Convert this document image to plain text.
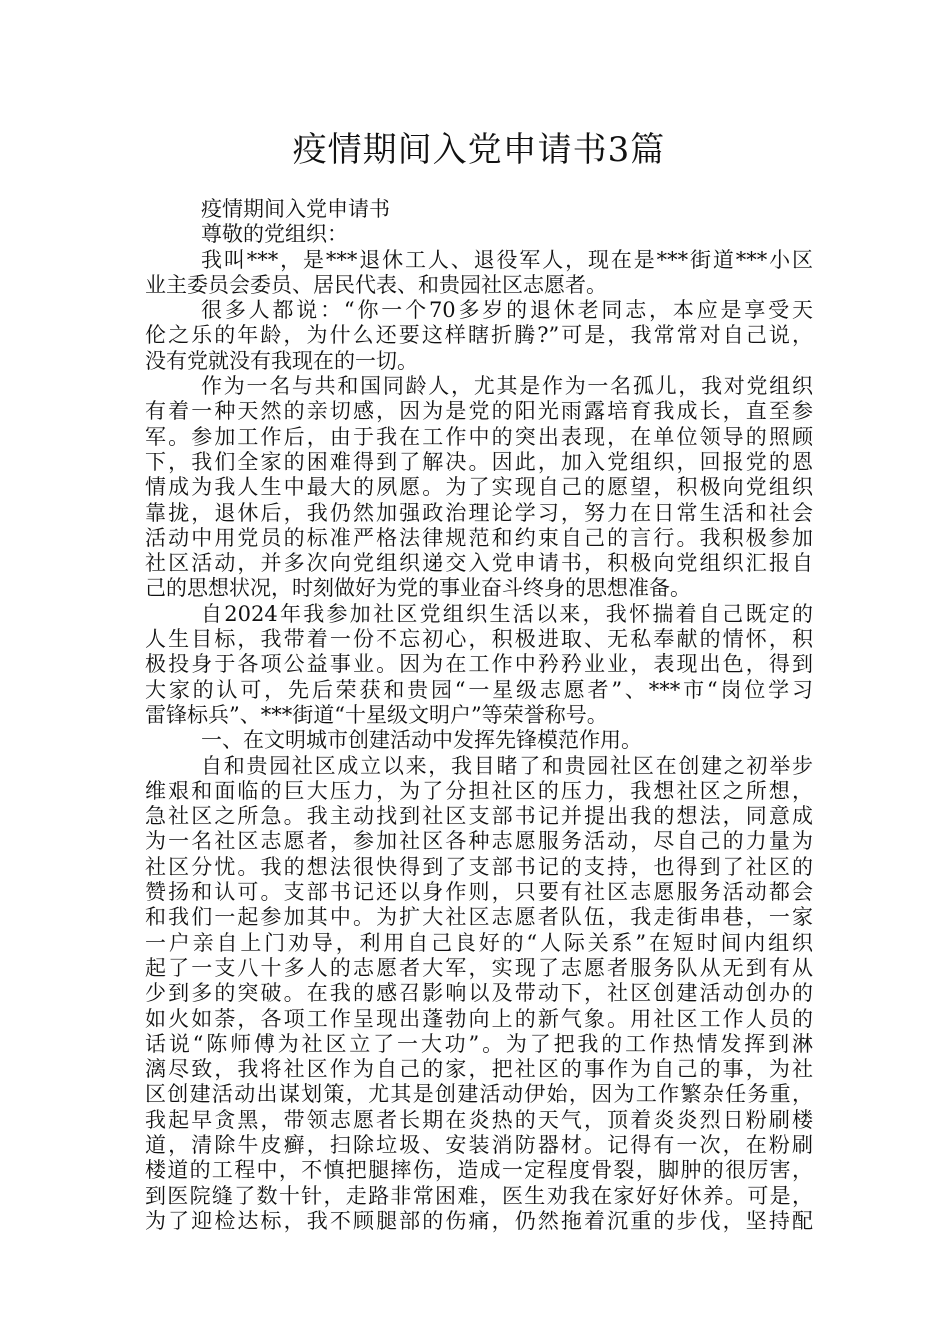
疫情期间入党申请书3篇
疫情期间入党申请书
尊敬的党组织：
我叫***，是***退休工人、退役军人，现在是***街道***小区
业主委员会委员、居民代表、和贵园社区志愿者。
很多人都说：“你一个70多岁的退休老同志，本应是享受天
伦之乐的年龄，为什么还要这样瞎折腾?”可是，我常常对自己说，
没有党就没有我现在的一切。
作为一名与共和国同龄人，尤其是作为一名孤儿，我对党组织
有着一种天然的亲切感，因为是党的阳光雨露培育我成长，直至参
军。参加工作后，由于我在工作中的突出表现，在单位领导的照顾
下，我们全家的困难得到了解决。因此，加入党组织，回报党的恩
情成为我人生中最大的夙愿。为了实现自己的愿望，积极向党组织
靠拢，退休后，我仍然加强政治理论学习，努力在日常生活和社会
活动中用党员的标准严格法律规范和约束自己的言行。我积极参加
社区活动，并多次向党组织递交入党申请书，积极向党组织汇报自
己的思想状况，时刻做好为党的事业奋斗终身的思想准备。
自2024年我参加社区党组织生活以来，我怀揣着自己既定的
人生目标，我带着一份不忘初心，积极进取、无私奉献的情怀，积
极投身于各项公益事业。因为在工作中矜矜业业，表现出色，得到
大家的认可，先后荣获和贵园“一星级志愿者”、***市“岗位学习
雷锋标兵”、***街道“十星级文明户”等荣誉称号。
一、在文明城市创建活动中发挥先锋模范作用。
自和贵园社区成立以来，我目睹了和贵园社区在创建之初举步
维艰和面临的巨大压力，为了分担社区的压力，我想社区之所想，
急社区之所急。我主动找到社区支部书记并提出我的想法，同意成
为一名社区志愿者，参加社区各种志愿服务活动，尽自己的力量为
社区分忧。我的想法很快得到了支部书记的支持，也得到了社区的
赞扬和认可。支部书记还以身作则，只要有社区志愿服务活动都会
和我们一起参加其中。为扩大社区志愿者队伍，我走街串巷，一家
一户亲自上门劝导，利用自己良好的“人际关系”在短时间内组织
起了一支八十多人的志愿者大军，实现了志愿者服务队从无到有从
少到多的突破。在我的感召影响以及带动下，社区创建活动创办的
如火如荼，各项工作呈现出蓬勃向上的新气象。用社区工作人员的
话说“陈师傅为社区立了一大功”。为了把我的工作热情发挥到淋
漓尽致，我将社区作为自己的家，把社区的事作为自己的事，为社
区创建活动出谋划策，尤其是创建活动伊始，因为工作繁杂任务重，
我起早贪黑，带领志愿者长期在炎热的天气，顶着炎炎烈日粉刷楼
道，清除牛皮癣，扫除垃圾、安装消防器材。记得有一次，在粉刷
楼道的工程中，不慎把腿摔伤，造成一定程度骨裂，脚肿的很厉害，
到医院缝了数十针，走路非常困难，医生劝我在家好好休养。可是，
为了迎检达标，我不顾腿部的伤痛，仍然拖着沉重的步伐，坚持配
